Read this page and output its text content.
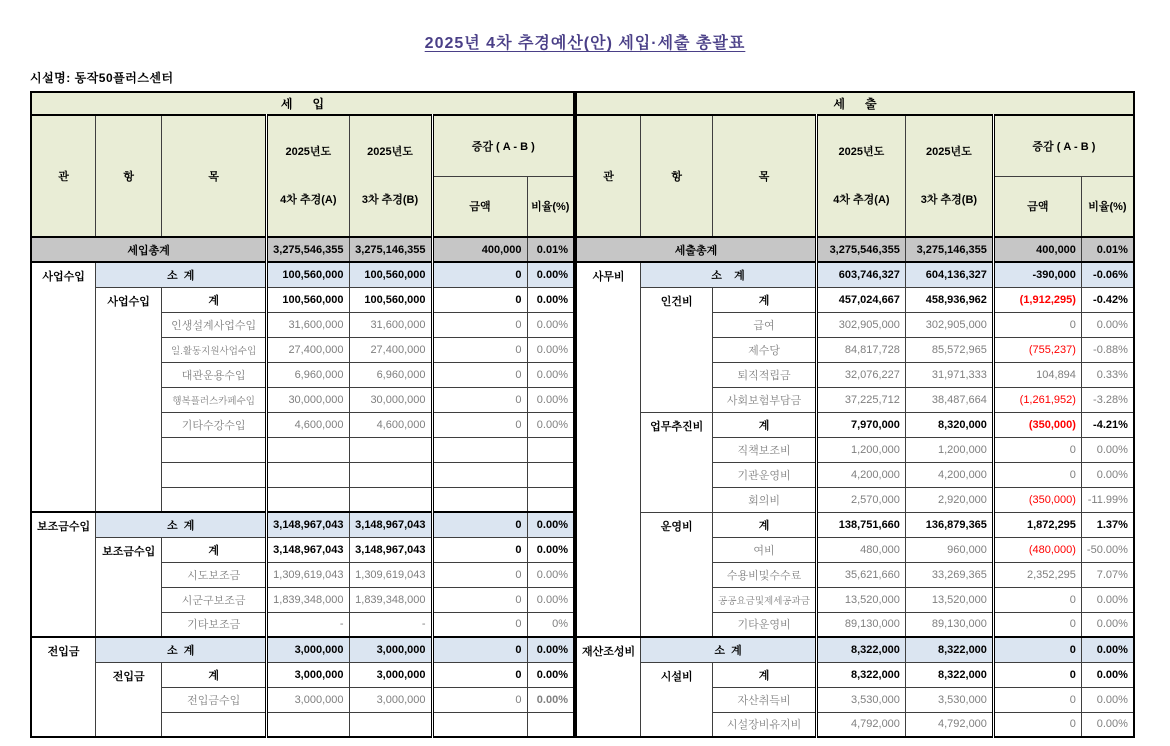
2025년 4차 추경예산(안) 세입·세출 총괄표
시설명: 동작50플러스센터
세      입						
관	항	목	

2025년도

4차 추경(A)

2025년도

3차 추경(B)

	증감 ( A - B )
					금액	비율(%)
세입총계			3,275,546,355	3,275,146,355	400,000	0.01%
사업수입	소  계		100,560,000	100,560,000	0	0.00%
	사업수입	계	100,560,000	100,560,000	0	0.00%
		인생설계사업수입	31,600,000	31,600,000	0	0.00%
		일.활동지원사업수입	27,400,000	27,400,000	0	0.00%
		대관운용수입	6,960,000	6,960,000	0	0.00%
		행복플러스카페수입	30,000,000	30,000,000	0	0.00%
		기타수강수입	4,600,000	4,600,000	0	0.00%

보조금수입	소  계		3,148,967,043	3,148,967,043	0	0.00%
	보조금수입	계	3,148,967,043	3,148,967,043	0	0.00%
		시도보조금	1,309,619,043	1,309,619,043	0	0.00%
		시군구보조금	1,839,348,000	1,839,348,000	0	0.00%
		기타보조금	-	-	0	0%
전입금	소  계		3,000,000	3,000,000	0	0.00%
	전입금	계	3,000,000	3,000,000	0	0.00%
		전입금수입	3,000,000	3,000,000	0	0.00%

세      출						
관	항	목	

2025년도

4차 추경(A)

2025년도

3차 추경(B)

	증감 ( A - B )
					금액	비율(%)
세출총계			3,275,546,355	3,275,146,355	400,000	0.01%
사무비	소    계		603,746,327	604,136,327	-390,000	-0.06%
	인건비	계	457,024,667	458,936,962	(1,912,295)	-0.42%
		급여	302,905,000	302,905,000	0	0.00%
		제수당	84,817,728	85,572,965	(755,237)	-0.88%
		퇴직적립금	32,076,227	31,971,333	104,894	0.33%
		사회보험부담금	37,225,712	38,487,664	(1,261,952)	-3.28%
	업무추진비	계	7,970,000	8,320,000	(350,000)	-4.21%
		직책보조비	1,200,000	1,200,000	0	0.00%
		기관운영비	4,200,000	4,200,000	0	0.00%
		회의비	2,570,000	2,920,000	(350,000)	-11.99%
	운영비	계	138,751,660	136,879,365	1,872,295	1.37%
		여비	480,000	960,000	(480,000)	-50.00%
		수용비및수수료	35,621,660	33,269,365	2,352,295	7.07%
		공공요금및제세공과금	13,520,000	13,520,000	0	0.00%
		기타운영비	89,130,000	89,130,000	0	0.00%
재산조성비	소  계		8,322,000	8,322,000	0	0.00%
	시설비	계	8,322,000	8,322,000	0	0.00%
		자산취득비	3,530,000	3,530,000	0	0.00%
		시설장비유지비	4,792,000	4,792,000	0	0.00%
